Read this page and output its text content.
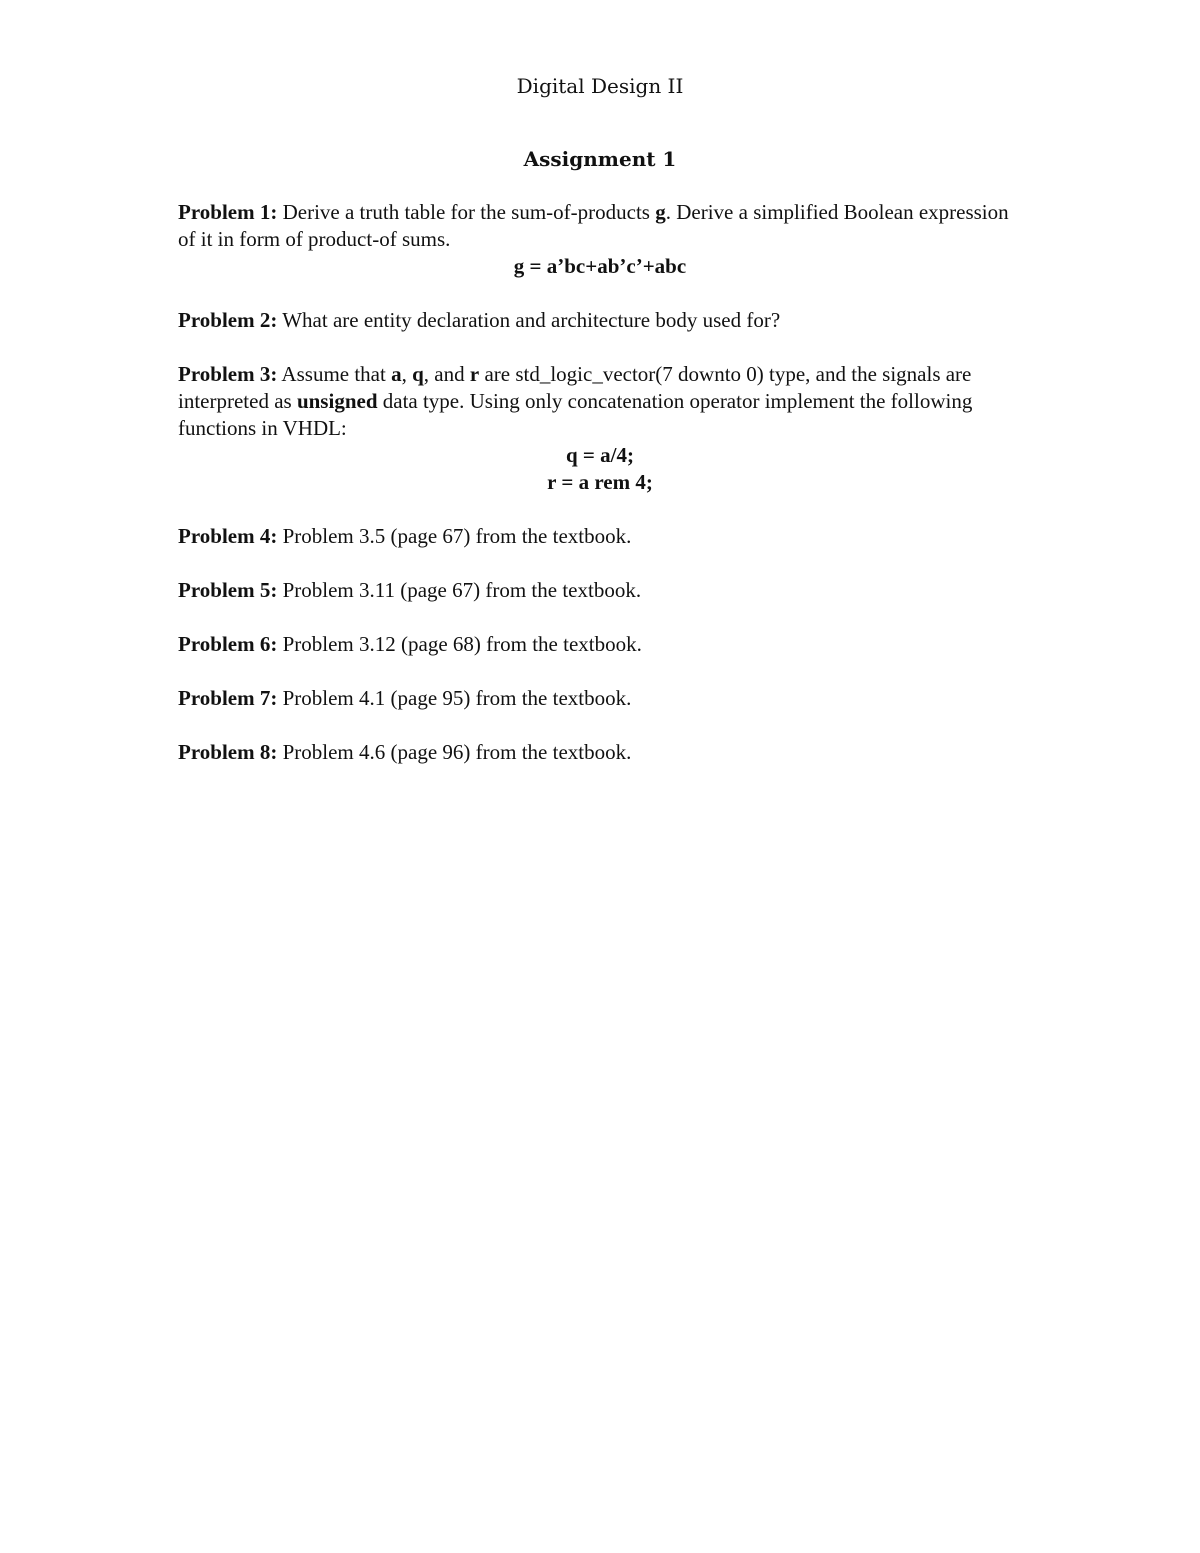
Digital Design II
Assignment 1

Problem 1: Derive a truth table for the sum-of-products g. Derive a simplified Boolean expression of it in form of product-of sums.

g = a’bc+ab’c’+abc

Problem 2: What are entity declaration and architecture body used for?

Problem 3: Assume that a, q, and r are std_logic_vector(7 downto 0) type, and the signals are interpreted as unsigned data type. Using only concatenation operator implement the following functions in VHDL:

q = a/4;
r = a rem 4;

Problem 4: Problem 3.5 (page 67) from the textbook.

Problem 5: Problem 3.11 (page 67) from the textbook.

Problem 6: Problem 3.12 (page 68) from the textbook.

Problem 7: Problem 4.1 (page 95) from the textbook.

Problem 8: Problem 4.6 (page 96) from the textbook.
